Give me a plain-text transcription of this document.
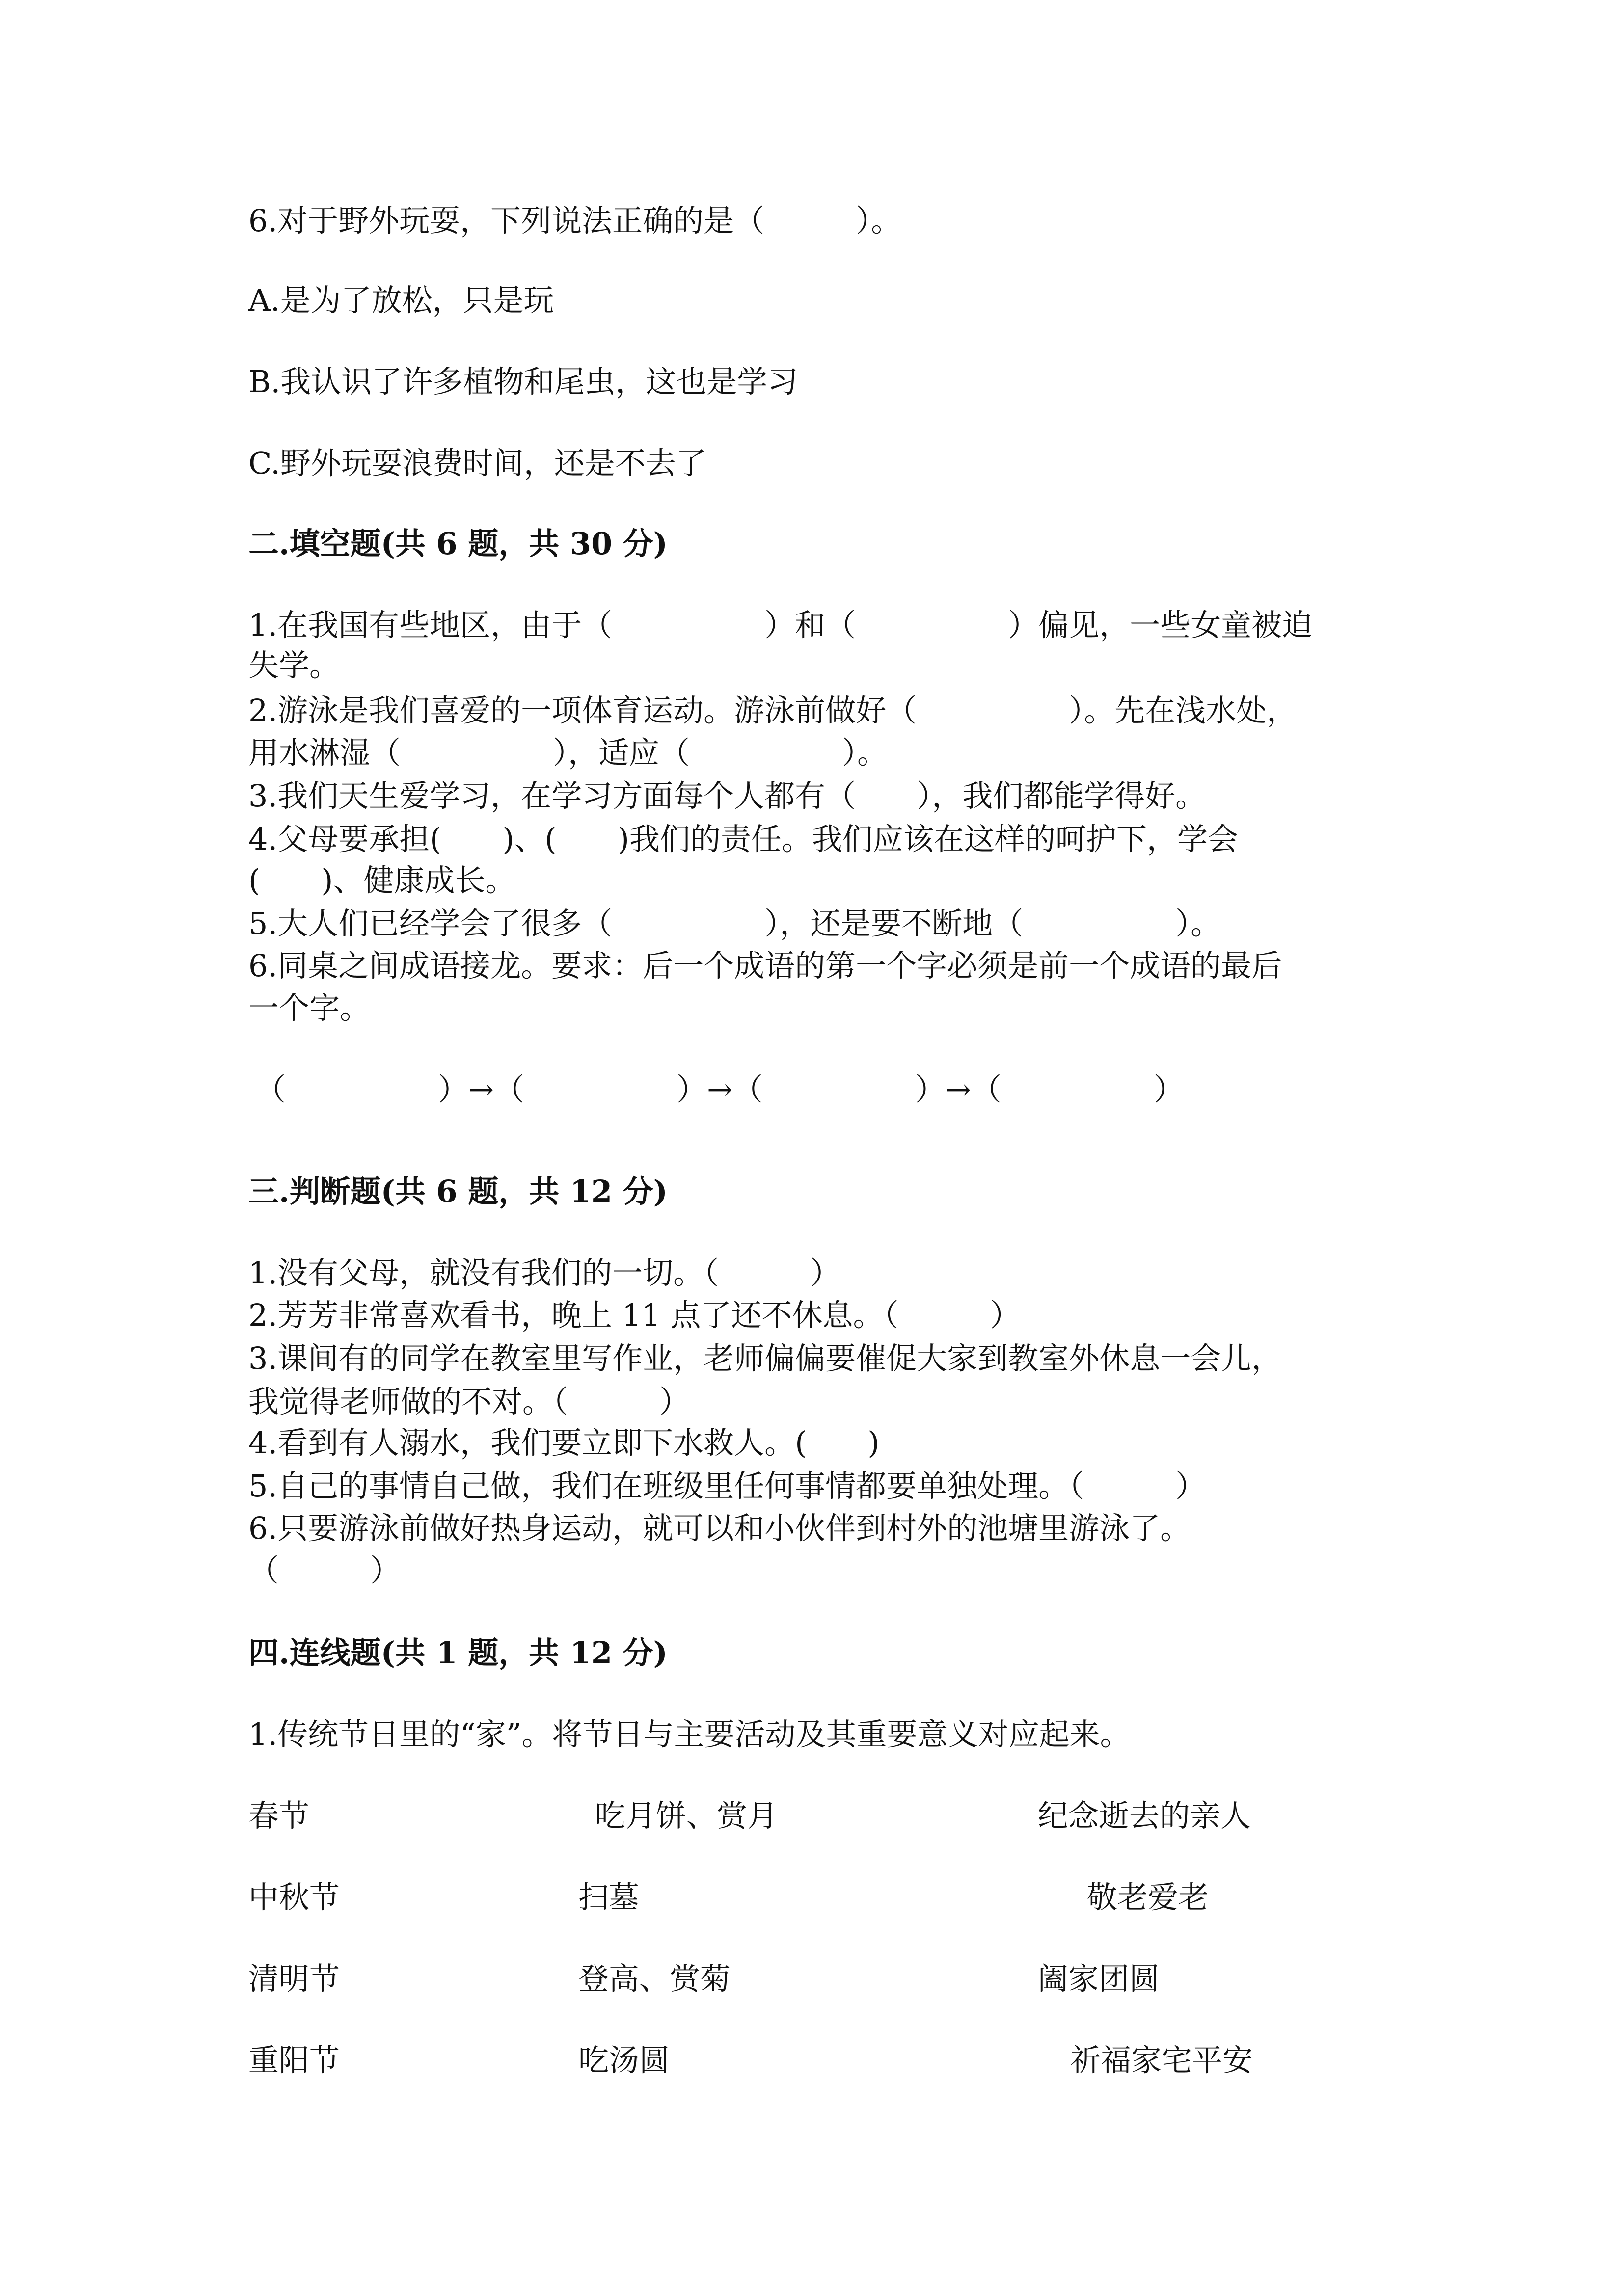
6.对于野外玩耍，下列说法正确的是（　　　）。
A.是为了放松，只是玩
B.我认识了许多植物和尾虫，这也是学习
C.野外玩耍浪费时间，还是不去了
二.填空题(共 6 题，共 30 分)
1.在我国有些地区，由于（　　　　　）和（　　　　　）偏见，一些女童被迫
失学。
2.游泳是我们喜爱的一项体育运动。游泳前做好（　　　　　）。先在浅水处，
用水淋湿（　　　　　），适应（　　　　　）。
3.我们天生爱学习，在学习方面每个人都有（　　），我们都能学得好。
4.父母要承担(　　)、(　　)我们的责任。我们应该在这样的呵护下，学会
(　　)、健康成长。
5.大人们已经学会了很多（　　　　　），还是要不断地（　　　　　）。
6.同桌之间成语接龙。要求：后一个成语的第一个字必须是前一个成语的最后
一个字。
（　　　　　）→（　　　　　）→（　　　　　）→（　　　　　）
三.判断题(共 6 题，共 12 分)
1.没有父母，就没有我们的一切。（　　　）
2.芳芳非常喜欢看书，晚上 11 点了还不休息。（　　　）
3.课间有的同学在教室里写作业，老师偏偏要催促大家到教室外休息一会儿，
我觉得老师做的不对。（　　　）
4.看到有人溺水，我们要立即下水救人。(　　)
5.自己的事情自己做，我们在班级里任何事情都要单独处理。（　　　）
6.只要游泳前做好热身运动，就可以和小伙伴到村外的池塘里游泳了。
（　　　）
四.连线题(共 1 题，共 12 分)
1.传统节日里的“家”。将节日与主要活动及其重要意义对应起来。
春节
中秋节
清明节
重阳节
吃月饼、赏月
扫墓
登高、赏菊
吃汤圆
纪念逝去的亲人
敬老爱老
阖家团圆
祈福家宅平安
